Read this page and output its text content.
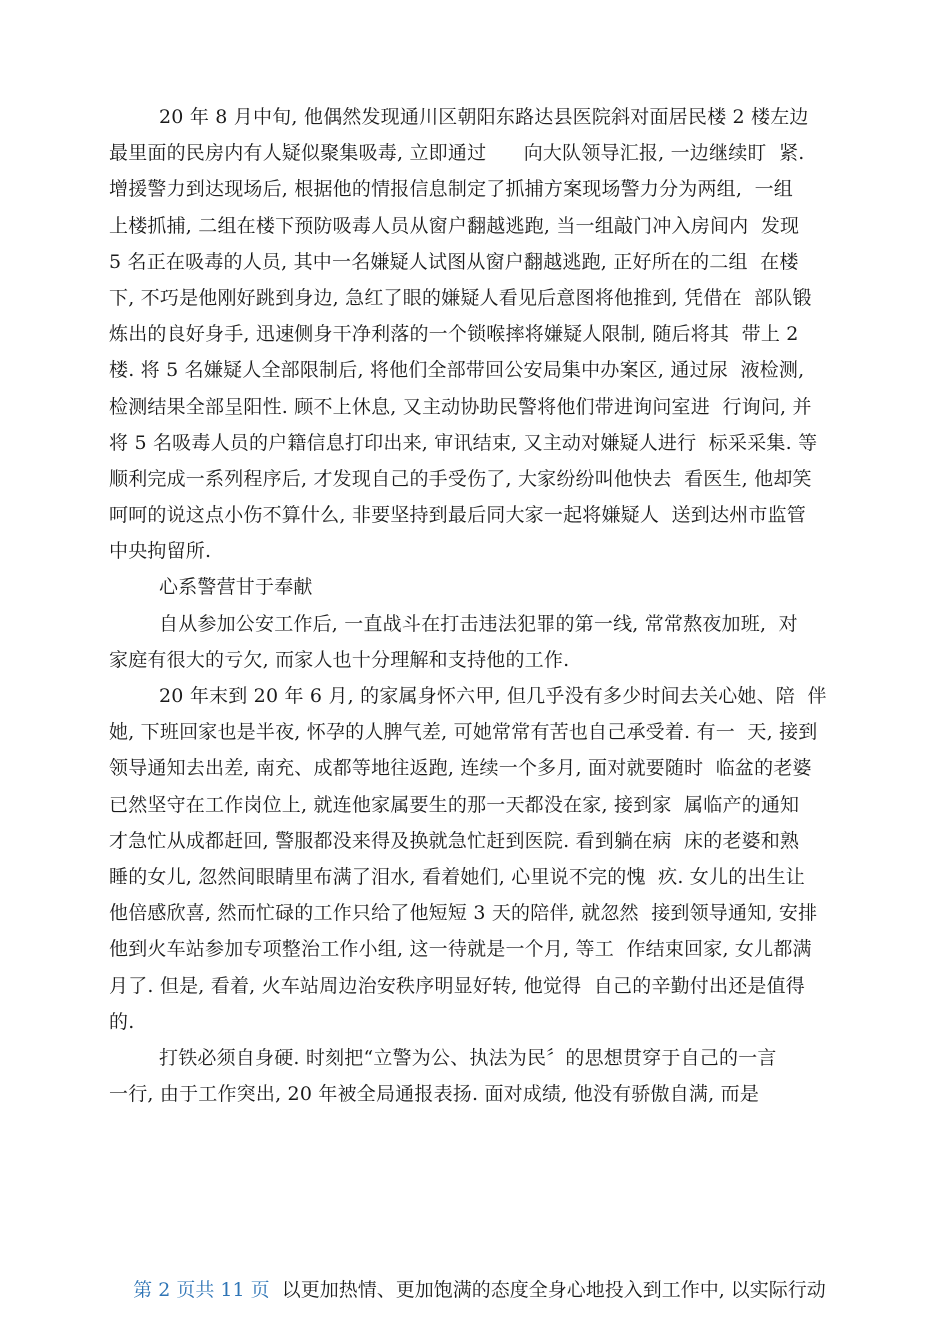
20 年 8 月中旬, 他偶然发现通川区朝阳东路达县医院斜对面居民楼 2 楼左边
最里面的民房内有人疑似聚集吸毒, 立即通过      向大队领导汇报, 一边继续盯  紧.
增援警力到达现场后, 根据他的情报信息制定了抓捕方案现场警力分为两组,  一组
上楼抓捕, 二组在楼下预防吸毒人员从窗户翻越逃跑, 当一组敲门冲入房间内  发现
5 名正在吸毒的人员, 其中一名嫌疑人试图从窗户翻越逃跑, 正好所在的二组  在楼
下, 不巧是他刚好跳到身边, 急红了眼的嫌疑人看见后意图将他推到, 凭借在  部队锻
炼出的良好身手, 迅速侧身干净利落的一个锁喉摔将嫌疑人限制, 随后将其  带上 2
楼. 将 5 名嫌疑人全部限制后, 将他们全部带回公安局集中办案区, 通过尿  液检测,
检测结果全部呈阳性. 顾不上休息, 又主动协助民警将他们带进询问室进  行询问, 并
将 5 名吸毒人员的户籍信息打印出来, 审讯结束, 又主动对嫌疑人进行  标采采集. 等
顺利完成一系列程序后, 才发现自己的手受伤了, 大家纷纷叫他快去  看医生, 他却笑
呵呵的说这点小伤不算什么, 非要坚持到最后同大家一起将嫌疑人  送到达州市监管
中央拘留所.
心系警营甘于奉献
自从参加公安工作后, 一直战斗在打击违法犯罪的第一线, 常常熬夜加班,  对
家庭有很大的亏欠, 而家人也十分理解和支持他的工作.
20 年末到 20 年 6 月, 的家属身怀六甲, 但几乎没有多少时间去关心她、陪  伴
她, 下班回家也是半夜, 怀孕的人脾气差, 可她常常有苦也自己承受着. 有一  天, 接到
领导通知去出差, 南充、成都等地往返跑, 连续一个多月, 面对就要随时  临盆的老婆
已然坚守在工作岗位上, 就连他家属要生的那一天都没在家, 接到家  属临产的通知
才急忙从成都赶回, 警服都没来得及换就急忙赶到医院. 看到躺在病  床的老婆和熟
睡的女儿, 忽然间眼睛里布满了泪水, 看着她们, 心里说不完的愧  疚. 女儿的出生让
他倍感欣喜, 然而忙碌的工作只给了他短短 3 天的陪伴, 就忽然  接到领导通知, 安排
他到火车站参加专项整治工作小组, 这一待就是一个月, 等工  作结束回家, 女儿都满
月了. 但是, 看着, 火车站周边治安秩序明显好转, 他觉得  自己的辛勤付出还是值得
的.
打铁必须自身硬. 时刻把“立警为公、执法为民〞的思想贯穿于自己的一言
一行, 由于工作突出, 20 年被全局通报表扬. 面对成绩, 他没有骄傲自满, 而是

第 2 页共 11 页  以更加热情、更加饱满的态度全身心地投入到工作中, 以实际行动
